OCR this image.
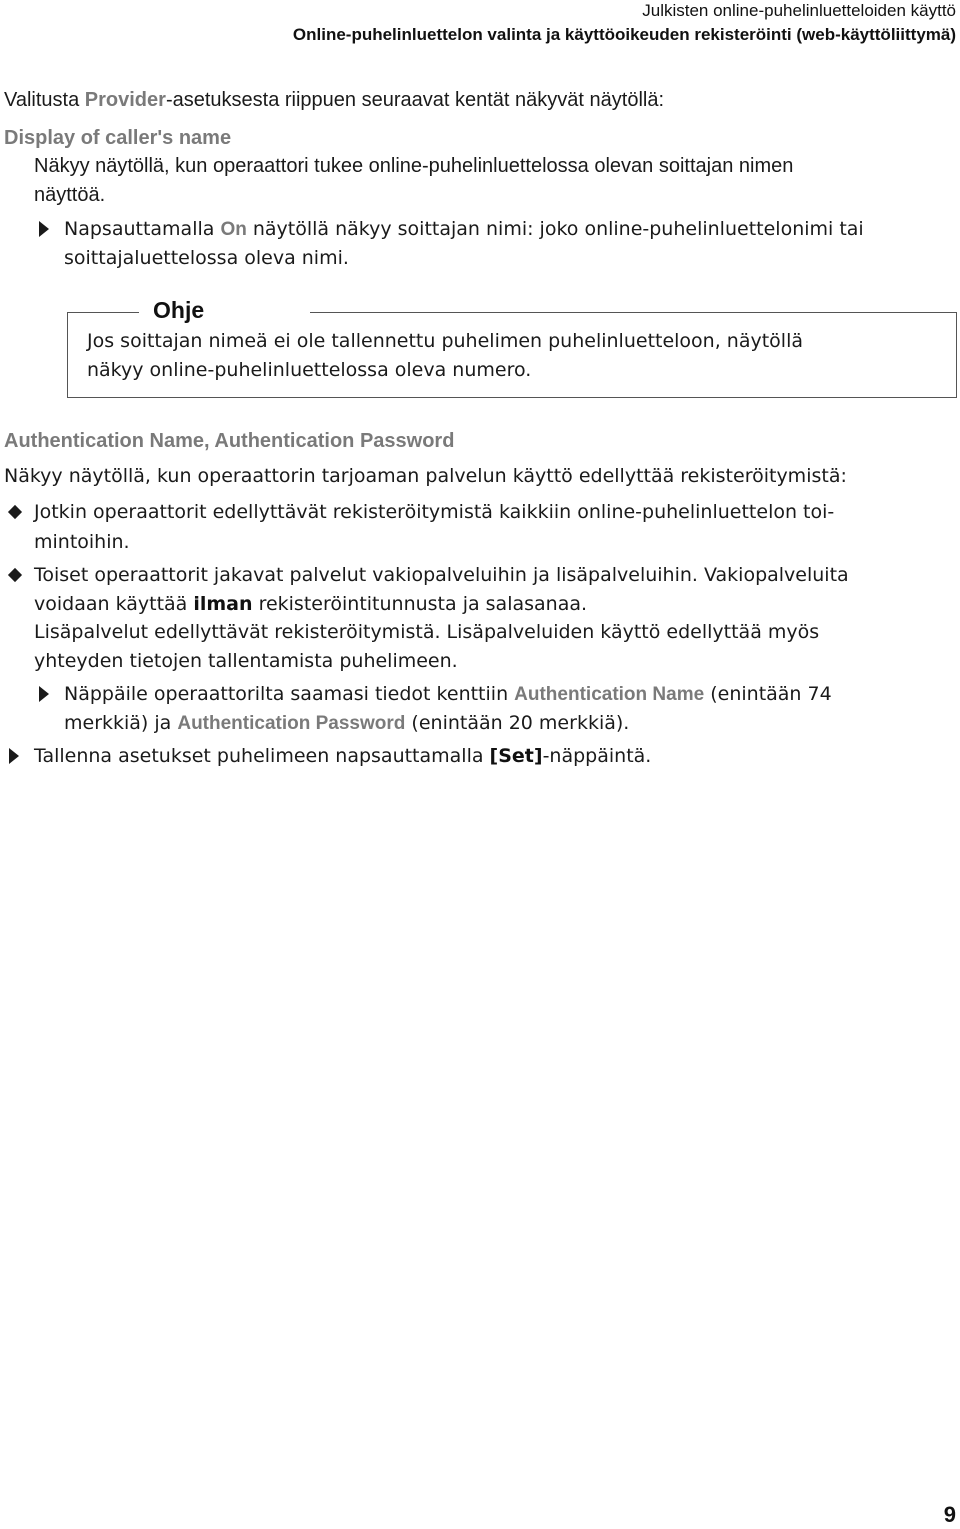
Julkisten online-puhelinluetteloiden käyttö
Online-puhelinluettelon valinta ja käyttöoikeuden rekisteröinti (web-käyttöliittymä)
Valitusta Provider-asetuksesta riippuen seuraavat kentät näkyvät näytöllä:
Display of caller's name
Näkyy näytöllä, kun operaattori tukee online-puhelinluettelossa olevan soittajan nimen
näyttöä.
Napsauttamalla On näytöllä näkyy soittajan nimi: joko online-puhelinluettelonimi tai
soittajaluettelossa oleva nimi.
Ohje
Jos soittajan nimeä ei ole tallennettu puhelimen puhelinluetteloon, näytöllä
näkyy online-puhelinluettelossa oleva numero.
Authentication Name, Authentication Password
Näkyy näytöllä, kun operaattorin tarjoaman palvelun käyttö edellyttää rekisteröitymistä:
Jotkin operaattorit edellyttävät rekisteröitymistä kaikkiin online-puhelinluettelon toi-
mintoihin.
Toiset operaattorit jakavat palvelut vakiopalveluihin ja lisäpalveluihin. Vakiopalveluita
voidaan käyttää ilman rekisteröintitunnusta ja salasanaa.
Lisäpalvelut edellyttävät rekisteröitymistä. Lisäpalveluiden käyttö edellyttää myös
yhteyden tietojen tallentamista puhelimeen.
Näppäile operaattorilta saamasi tiedot kenttiin Authentication Name (enintään 74
merkkiä) ja Authentication Password (enintään 20 merkkiä).
Tallenna asetukset puhelimeen napsauttamalla [Set]-näppäintä.
9
